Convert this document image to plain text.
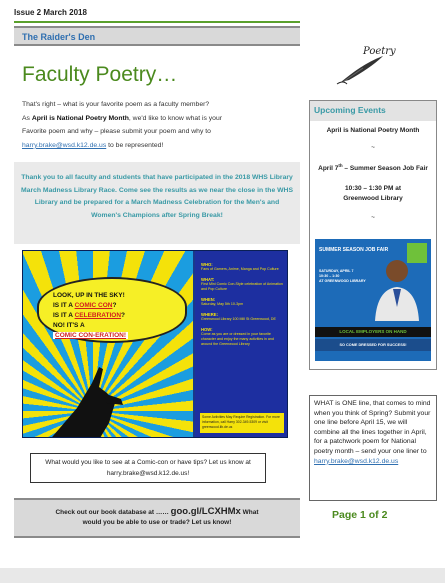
Issue 2 March 2018
The Raider's Den
Faculty Poetry…
That's right – what is your favorite poem as a faculty member?
As April is National Poetry Month, we'd like to know what is your
Favorite poem and why – please submit your poem and why to
harry.brake@wsd.k12.de.us to be represented!
Thank you to all faculty and students that have participated in the 2018 WHS Library March Madness Library Race. Come see the results as we near the close in the WHS Library and be prepared for a March Madness Celebration for the Men's and Women's Champions after Spring Break!
LOOK, UP IN THE SKY!
IS IT A COMIC CON?
IS IT A CELEBRATION?
NO! IT'S A
COMIC CON-ERATION!
WHO:
Fans of Gamers, Anime, Manga and Pop Culture
WHAT:
First Mini Comic Con-Style celebration of Animation and Pop Culture
WHEN:
Saturday, May 5th 10-3pm
WHERE:
Greenwood Library 100 Mill St Greenwood, DE
HOW:
Come as you are or dressed in your favorite character and enjoy the many activities in and around the Greenwood Library
Some Activities May Require Registration. For more information, call Harry 302-349-5309 or visit greenwood.lib.de.us
What would you like to see at a Comic-con or have tips? Let us know at harry.brake@wsd.k12.de.us!
Check out our book database at …… goo.gl/LCXHMx What
would you be able to use or trade? Let us know!
Poetry
Upcoming Events
April is National Poetry Month
~
April 7th – Summer Season Job Fair
10:30 – 1:30 PM at
Greenwood Library
~
SUMMER SEASON JOB FAIR
SATURDAY, APRIL 7
10:30 – 1:30
AT GREENWOOD LIBRARY
LOCAL EMPLOYERS ON HAND
SO COME DRESSED FOR SUCCESS!
WHAT is ONE line, that comes to mind when you think of Spring? Submit your one line before April 15, we will combine all the lines together in April, for a patchwork poem for National poetry month – send your one liner to harry.brake@wsd.k12.de.us
Page 1 of 2
